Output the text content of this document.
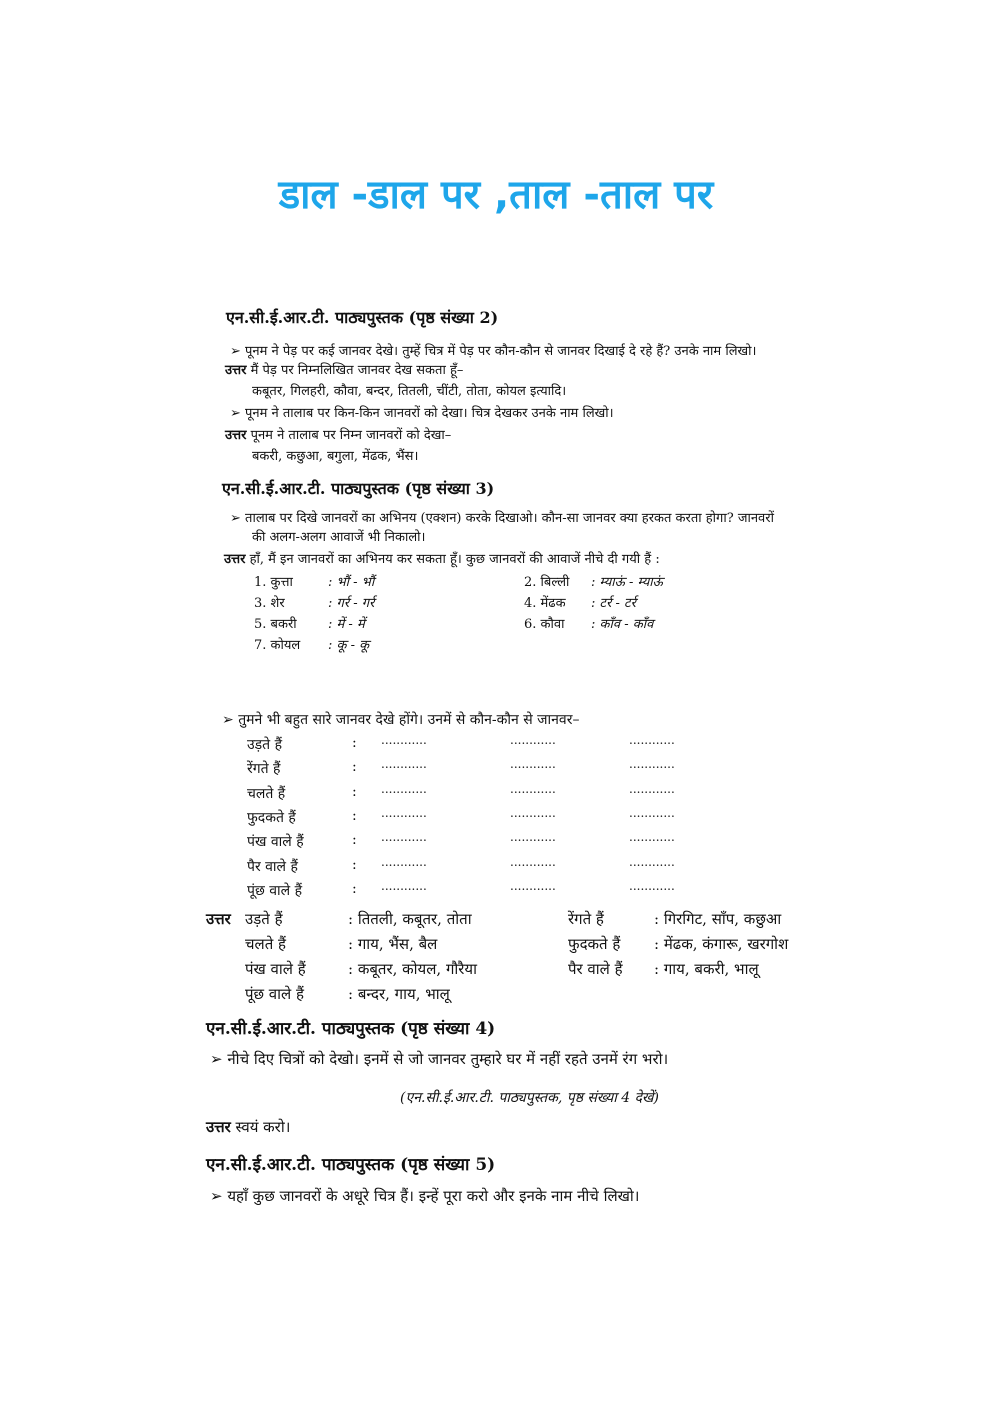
डाल -डाल पर ,ताल -ताल पर
एन.सी.ई.आर.टी. पाठ्यपुस्तक (पृष्ठ संख्या 2)
➢ पूनम ने पेड़ पर कई जानवर देखे। तुम्हें चित्र में पेड़ पर कौन-कौन से जानवर दिखाई दे रहे हैं? उनके नाम लिखो।
उत्तर मैं पेड़ पर निम्नलिखित जानवर देख सकता हूँ–
कबूतर, गिलहरी, कौवा, बन्दर, तितली, चींटी, तोता, कोयल इत्यादि।
➢ पूनम ने तालाब पर किन-किन जानवरों को देखा। चित्र देखकर उनके नाम लिखो।
उत्तर पूनम ने तालाब पर निम्न जानवरों को देखा–
बकरी, कछुआ, बगुला, मेंढक, भैंस।
एन.सी.ई.आर.टी. पाठ्यपुस्तक (पृष्ठ संख्या 3)
➢ तालाब पर दिखे जानवरों का अभिनय (एक्शन) करके दिखाओ। कौन-सा जानवर क्या हरकत करता होगा? जानवरों
की अलग-अलग आवाजें भी निकालो।
उत्तर हाँ, मैं इन जानवरों का अभिनय कर सकता हूँ। कुछ जानवरों की आवाजें नीचे दी गयी हैं :
1. कुत्ता	: भौं - भौं	2. बिल्ली : म्याऊं - म्याऊं
3. शेर	: गर्र - गर्र	4. मेंढक : टर्र - टर्र
5. बकरी : में - में	6. कौवा : काँव - काँव
7. कोयल : कू - कू
➢ तुमने भी बहुत सारे जानवर देखे होंगे। उनमें से कौन-कौन से जानवर–
उड़ते हैं	: ............	............	............
रेंगते हैं	: ............	............	............
चलते हैं	: ............	............	............
फुदकते हैं	: ............	............	............
पंख वाले हैं	: ............	............	............
पैर वाले हैं	: ............	............	............
पूंछ वाले हैं	: ............	............	............
उत्तर उड़ते हैं	: तितली, कबूतर, तोता	रेंगते हैं	: गिरगिट, साँप, कछुआ
चलते हैं	: गाय, भैंस, बैल	फुदकते हैं : मेंढक, कंगारू, खरगोश
पंख वाले हैं	: कबूतर, कोयल, गौरैया	पैर वाले हैं : गाय, बकरी, भालू
पूंछ वाले हैं	: बन्दर, गाय, भालू
एन.सी.ई.आर.टी. पाठ्यपुस्तक (पृष्ठ संख्या 4)
➢ नीचे दिए चित्रों को देखो। इनमें से जो जानवर तुम्हारे घर में नहीं रहते उनमें रंग भरो।
(एन.सी.ई.आर.टी. पाठ्यपुस्तक, पृष्ठ संख्या 4 देखें)
उत्तर स्वयं करो।
एन.सी.ई.आर.टी. पाठ्यपुस्तक (पृष्ठ संख्या 5)
➢ यहाँ कुछ जानवरों के अधूरे चित्र हैं। इन्हें पूरा करो और इनके नाम नीचे लिखो।
